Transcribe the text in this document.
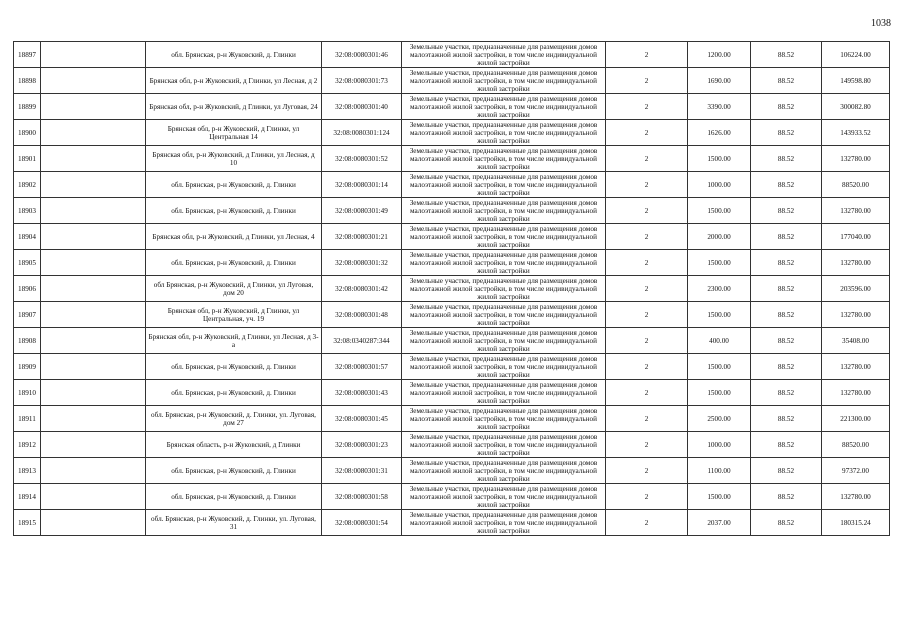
1038
18897		обл. Брянская, р-н Жуковский, д. Глинки	32:08:0080301:46	Земельные участки, предназначенные для размещения домов малоэтажной жилой застройки, в том числе индивидуальной жилой застройки	2	1200.00	88.52	106224.00
18898		Брянская обл, р-н Жуковский, д Глинки, ул Лесная, д 2	32:08:0080301:73	Земельные участки, предназначенные для размещения домов малоэтажной жилой застройки, в том числе индивидуальной жилой застройки	2	1690.00	88.52	149598.80
18899		Брянская обл, р-н Жуковский, д Глинки, ул Луговая, 24	32:08:0080301:40	Земельные участки, предназначенные для размещения домов малоэтажной жилой застройки, в том числе индивидуальной жилой застройки	2	3390.00	88.52	300082.80
18900		Брянская обл, р-н Жуковский, д Глинки, ул Центральная 14	32:08:0080301:124	Земельные участки, предназначенные для размещения домов малоэтажной жилой застройки, в том числе индивидуальной жилой застройки	2	1626.00	88.52	143933.52
18901		Брянская обл, р-н Жуковский, д Глинки, ул Лесная, д 10	32:08:0080301:52	Земельные участки, предназначенные для размещения домов малоэтажной жилой застройки, в том числе индивидуальной жилой застройки	2	1500.00	88.52	132780.00
18902		обл. Брянская, р-н Жуковский, д. Глинки	32:08:0080301:14	Земельные участки, предназначенные для размещения домов малоэтажной жилой застройки, в том числе индивидуальной жилой застройки	2	1000.00	88.52	88520.00
18903		обл. Брянская, р-н Жуковский, д. Глинки	32:08:0080301:49	Земельные участки, предназначенные для размещения домов малоэтажной жилой застройки, в том числе индивидуальной жилой застройки	2	1500.00	88.52	132780.00
18904		Брянская обл, р-н Жуковский, д Глинки, ул Лесная, 4	32:08:0080301:21	Земельные участки, предназначенные для размещения домов малоэтажной жилой застройки, в том числе индивидуальной жилой застройки	2	2000.00	88.52	177040.00
18905		обл. Брянская, р-н Жуковский, д. Глинки	32:08:0080301:32	Земельные участки, предназначенные для размещения домов малоэтажной жилой застройки, в том числе индивидуальной жилой застройки	2	1500.00	88.52	132780.00
18906		обл Брянская, р-н Жуковский, д Глинки, ул Луговая, дом 20	32:08:0080301:42	Земельные участки, предназначенные для размещения домов малоэтажной жилой застройки, в том числе индивидуальной жилой застройки	2	2300.00	88.52	203596.00
18907		Брянская обл, р-н Жуковский, д Глинки, ул Центральная, уч. 19	32:08:0080301:48	Земельные участки, предназначенные для размещения домов малоэтажной жилой застройки, в том числе индивидуальной жилой застройки	2	1500.00	88.52	132780.00
18908		Брянская обл, р-н Жуковский, д Глинки, ул Лесная, д 3-а	32:08:0340287:344	Земельные участки, предназначенные для размещения домов малоэтажной жилой застройки, в том числе индивидуальной жилой застройки	2	400.00	88.52	35408.00
18909		обл. Брянская, р-н Жуковский, д. Глинки	32:08:0080301:57	Земельные участки, предназначенные для размещения домов малоэтажной жилой застройки, в том числе индивидуальной жилой застройки	2	1500.00	88.52	132780.00
18910		обл. Брянская, р-н Жуковский, д. Глинки	32:08:0080301:43	Земельные участки, предназначенные для размещения домов малоэтажной жилой застройки, в том числе индивидуальной жилой застройки	2	1500.00	88.52	132780.00
18911		обл. Брянская, р-н Жуковский, д. Глинки, ул. Луговая, дом 27	32:08:0080301:45	Земельные участки, предназначенные для размещения домов малоэтажной жилой застройки, в том числе индивидуальной жилой застройки	2	2500.00	88.52	221300.00
18912		Брянская область, р-н Жуковский, д Глинки	32:08:0080301:23	Земельные участки, предназначенные для размещения домов малоэтажной жилой застройки, в том числе индивидуальной жилой застройки	2	1000.00	88.52	88520.00
18913		обл. Брянская, р-н Жуковский, д. Глинки	32:08:0080301:31	Земельные участки, предназначенные для размещения домов малоэтажной жилой застройки, в том числе индивидуальной жилой застройки	2	1100.00	88.52	97372.00
18914		обл. Брянская, р-н Жуковский, д. Глинки	32:08:0080301:58	Земельные участки, предназначенные для размещения домов малоэтажной жилой застройки, в том числе индивидуальной жилой застройки	2	1500.00	88.52	132780.00
18915		обл. Брянская, р-н Жуковский, д. Глинки, ул. Луговая, 31	32:08:0080301:54	Земельные участки, предназначенные для размещения домов малоэтажной жилой застройки, в том числе индивидуальной жилой застройки	2	2037.00	88.52	180315.24
